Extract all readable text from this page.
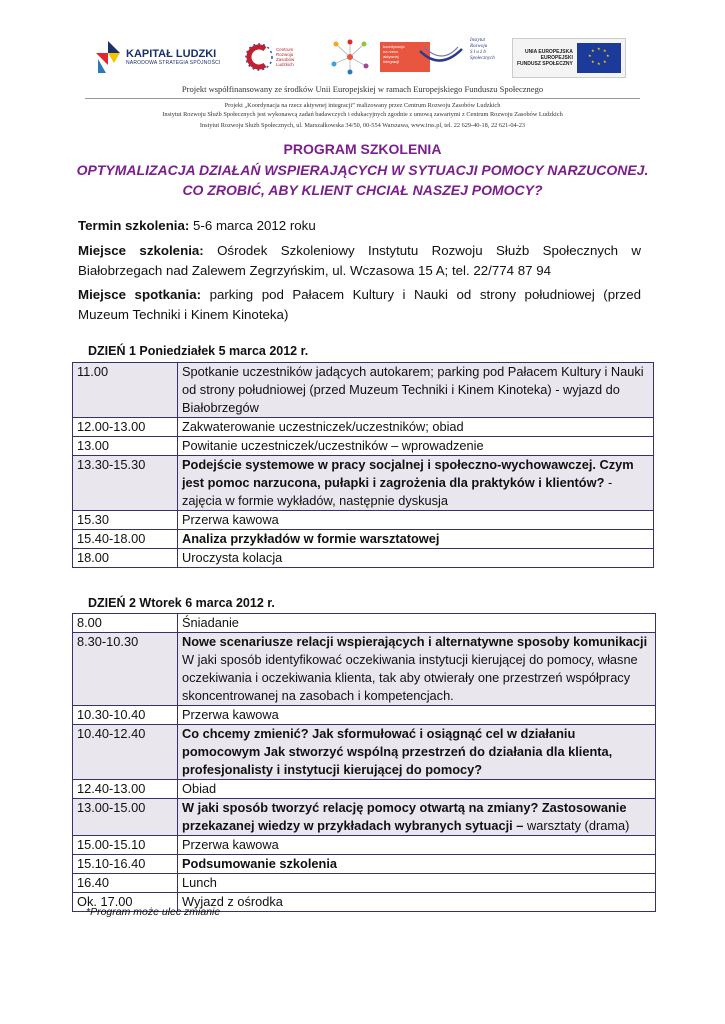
KAPITAŁ LUDZKI
NARODOWA STRATEGIA SPÓJNOŚCI
Centrum
Rozwoju
Zasobów
Ludzkich
koordynacja
na rzecz
aktywnej
integracji
Instytut
Rozwoju
S ł u ż b
Społecznych
UNIA EUROPEJSKA
EUROPEJSKI
FUNDUSZ SPOŁECZNY
★ ★
★
★
★
★
★
★
Projekt współfinansowany ze środków Unii Europejskiej w ramach Europejskiego Funduszu Społecznego
Projekt „Koordynacja na rzecz aktywnej integracji” realizowany przez Centrum Rozwoju Zasobów Ludzkich
Instytut Rozwoju Służb Społecznych jest wykonawcą zadań badawczych i edukacyjnych zgodnie z umową zawartymi z Centrum Rozwoju Zasobów Ludzkich
Instytut Rozwoju Służb Społecznych, ul. Marszałkowska 34/50, 00-554 Warszawa, www.irss.pl, tel. 22 629-40-18, 22 621-04-23
PROGRAM SZKOLENIA
OPTYMALIZACJA DZIAŁAŃ WSPIERAJĄCYCH W SYTUACJI POMOCY NARZUCONEJ.
CO ZROBIĆ, ABY KLIENT CHCIAŁ NASZEJ POMOCY?
Termin szkolenia: 5-6 marca 2012 roku
Miejsce szkolenia: Ośrodek Szkoleniowy Instytutu Rozwoju Służb Społecznych w Białobrzegach nad Zalewem Zegrzyńskim, ul. Wczasowa 15 A; tel. 22/774 87 94
Miejsce spotkania: parking pod Pałacem Kultury i Nauki od strony południowej (przed Muzeum Techniki i Kinem Kinoteka)
DZIEŃ 1 Poniedziałek 5 marca 2012 r.
11.00	Spotkanie uczestników jadących autokarem; parking pod Pałacem Kultury i Nauki od strony południowej (przed Muzeum Techniki i Kinem Kinoteka) - wyjazd do Białobrzegów
12.00-13.00	Zakwaterowanie uczestniczek/uczestników; obiad
13.00	Powitanie uczestniczek/uczestników – wprowadzenie
13.30-15.30	Podejście systemowe w pracy socjalnej i społeczno-wychowawczej. Czym jest pomoc narzucona, pułapki i zagrożenia dla praktyków i klientów? - zajęcia w formie wykładów, następnie dyskusja
15.30	Przerwa kawowa
15.40-18.00	Analiza przykładów w formie warsztatowej
18.00	Uroczysta kolacja
DZIEŃ 2 Wtorek 6 marca 2012 r.
8.00	Śniadanie
8.30-10.30	Nowe scenariusze relacji wspierających i alternatywne sposoby komunikacji W jaki sposób identyfikować oczekiwania instytucji kierującej do pomocy, własne oczekiwania i oczekiwania klienta, tak aby otwierały one przestrzeń współpracy skoncentrowanej na zasobach i kompetencjach.
10.30-10.40	Przerwa kawowa
10.40-12.40	Co chcemy zmienić? Jak sformułować i osiągnąć cel w działaniu pomocowym Jak stworzyć wspólną przestrzeń do działania dla klienta, profesjonalisty i instytucji kierującej do pomocy?
12.40-13.00	Obiad
13.00-15.00	W jaki sposób tworzyć relację pomocy otwartą na zmiany? Zastosowanie przekazanej wiedzy w przykładach wybranych sytuacji – warsztaty (drama)
15.00-15.10	Przerwa kawowa
15.10-16.40	Podsumowanie szkolenia
16.40	Lunch
Ok. 17.00	Wyjazd z ośrodka
*Program może ulec zmianie
